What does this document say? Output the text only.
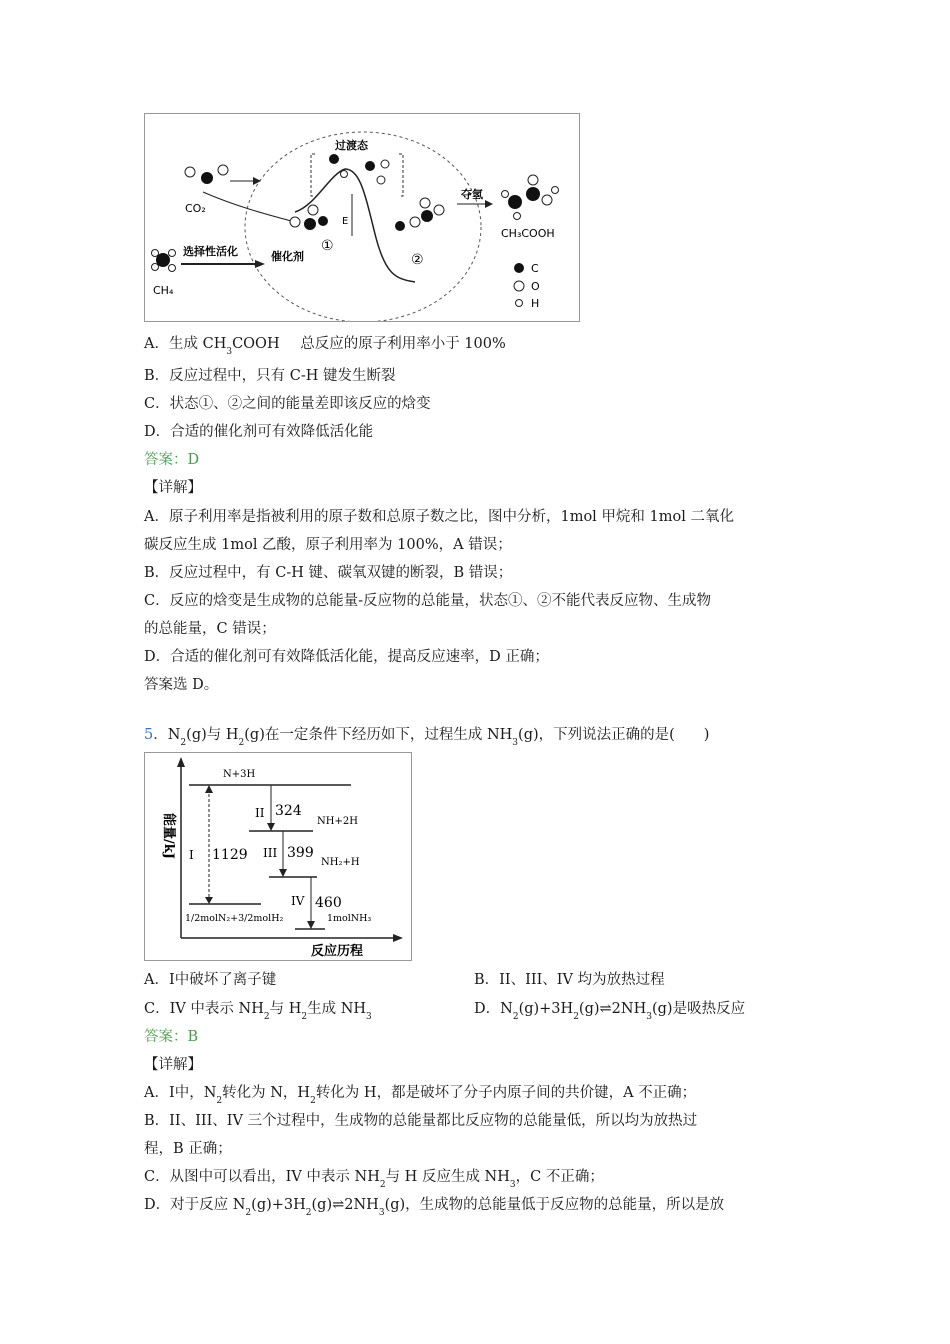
过渡态
E
CO₂
CH₄
选择性活化	催化剂
①
②
夺氢
CH₃COOH
C
O
H
A．生成 $CH_3COOH$ 总反应的原子利用率小于 100%
B．反应过程中，只有 C-H 键发生断裂
C．状态①、②之间的能量差即该反应的焓变
D．合适的催化剂可有效降低活化能
答案：D
【详解】
A．原子利用率是指被利用的原子数和总原子数之比，图中分析，1mol 甲烷和 1mol 二氧化
碳反应生成 1mol 乙酸，原子利用率为 100%，A 错误；
B．反应过程中，有 C-H 键、碳氧双键的断裂，B 错误；
C．反应的焓变是生成物的总能量-反应物的总能量，状态①、②不能代表反应物、生成物
的总能量，C 错误；
D．合适的催化剂可有效降低活化能，提高反应速率，D 正确；
答案选 D。
5．$N_2(g)$与 $H_2(g)$在一定条件下经历如下，过程生成 $NH_3(g)$，下列说法正确的是(　　)
能量/kJ
反应历程
N+3H
NH+2H
NH₂+H
1/2molN₂+3/2molH₂	1molNH₃
I 1129
II 324
III 399
IV 460
A．I中破坏了离子键	B．II、III、IV 均为放热过程
C．IV 中表示 $NH_2$与 $H_2$生成 $NH_3$	D．$N_2(g)+3H_2(g)\rightleftharpoons 2NH_3(g)$是吸热反应
答案：B
【详解】
A．I中，$N_2$转化为 N，$H_2$转化为 H，都是破坏了分子内原子间的共价键，A 不正确；
B．II、III、IV 三个过程中，生成物的总能量都比反应物的总能量低，所以均为放热过
程，B 正确；
C．从图中可以看出，IV 中表示 $NH_2$与 H 反应生成 $NH_3$，C 不正确；
D．对于反应 $N_2(g)+3H_2(g)\rightleftharpoons 2NH_3(g)$，生成物的总能量低于反应物的总能量，所以是放
